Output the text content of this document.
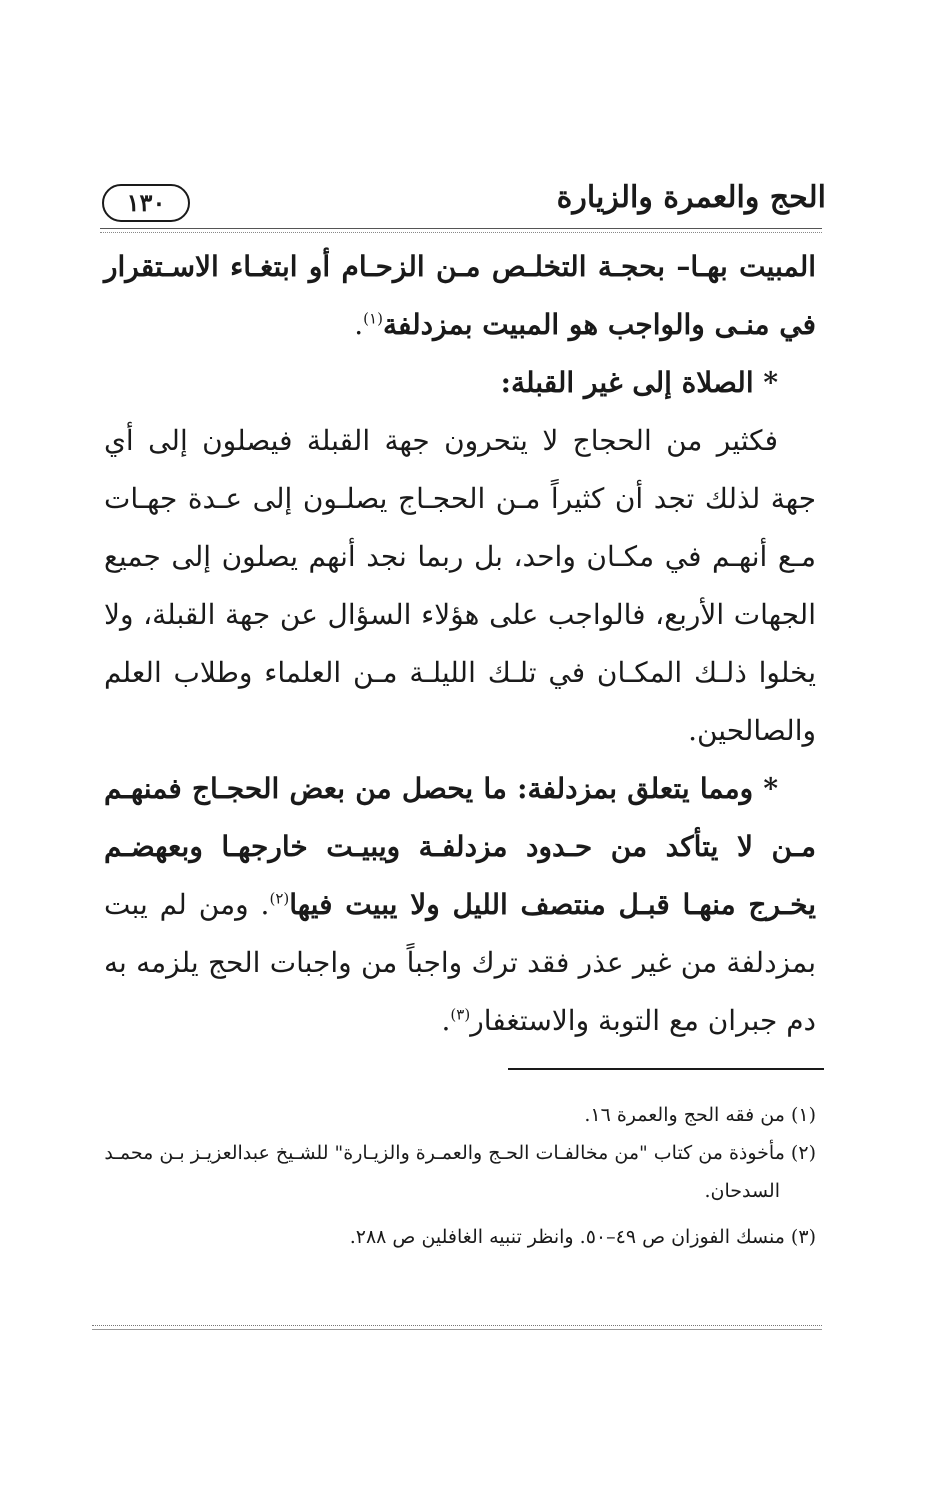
الحج والعمرة والزيارة
١٣٠

المبيت بهـا– بحجـة التخلـص مـن الزحـام أو ابتغـاء الاسـتقرار في منـى والواجب هو المبيت بمزدلفة$^{(١)}$.

* الصلاة إلى غير القبلة:

فكثير من الحجاج لا يتحرون جهة القبلة فيصلون إلى أي جهة لذلك تجد أن كثيراً مـن الحجـاج يصلـون إلى عـدة جهـات مـع أنهـم في مكـان واحد، بل ربما نجد أنهم يصلون إلى جميع الجهات الأربع، فالواجب على هؤلاء السؤال عن جهة القبلة، ولا يخلوا ذلـك المكـان في تلـك الليلـة مـن العلماء وطلاب العلم والصالحين.

* ومما يتعلق بمزدلفة: ما يحصل من بعض الحجـاج فمنهـم مـن لا يتأكد من حـدود مزدلفـة ويبيـت خارجهـا وبعهضـم يخـرج منهـا قبـل منتصف الليل ولا يبيت فيها$^{(٢)}$. ومن لم يبت بمزدلفة من غير عذر فقد ترك واجباً من واجبات الحج يلزمه به دم جبران مع التوبة والاستغفار$^{(٣)}$.

(١) من فقه الحج والعمرة ١٦.

(٢) مأخوذة من كتاب "من مخالفـات الحـج والعمـرة والزيـارة" للشـيخ عبدالعزيـز بـن محمـد

السدحان.

(٣) منسك الفوزان ص ٤٩–٥٠. وانظر تنبيه الغافلين ص ٢٨٨.
